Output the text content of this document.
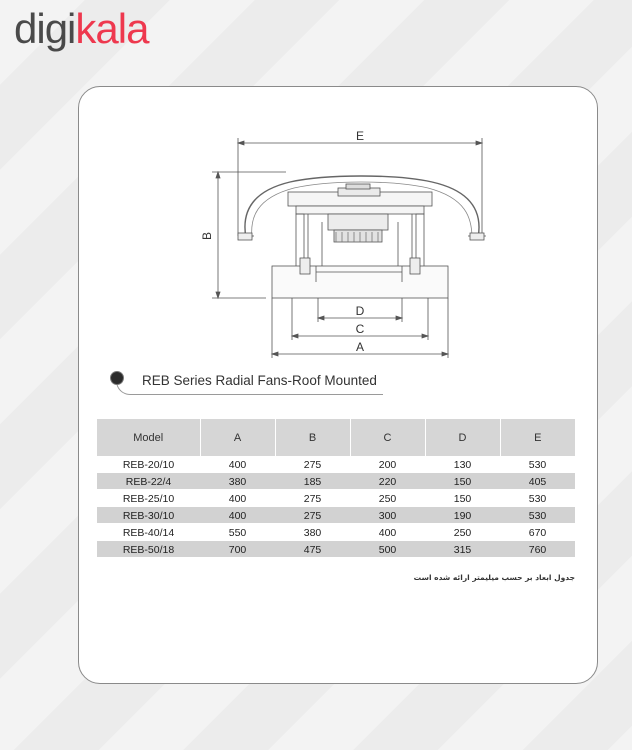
digikala
E
B
D
C
A
REB Series Radial Fans-Roof Mounted
Model	A	B	C	D	E
REB-20/10	400	275	200	130	530
REB-22/4	380	185	220	150	405
REB-25/10	400	275	250	150	530
REB-30/10	400	275	300	190	530
REB-40/14	550	380	400	250	670
REB-50/18	700	475	500	315	760
جدول ابعاد بر حسب میلیمتر ارائه شده است
